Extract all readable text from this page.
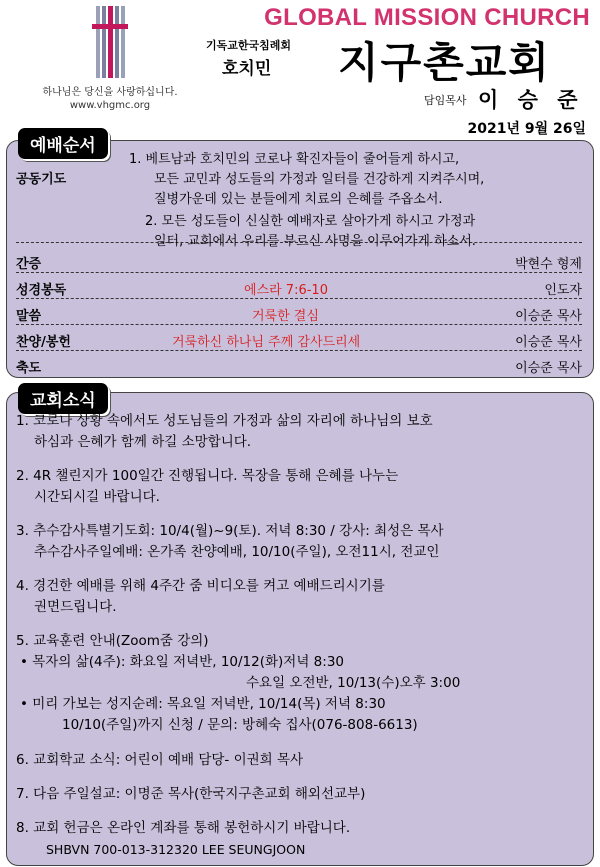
하나님은 당신을 사랑하십니다.
www.vhgmc.org
GLOBAL MISSION CHURCH
기독교한국침례회
호치민 지구촌교회
담임목사 이 승 준
2021년 9월 26일
예배순서
공동기도
1. 베트남과 호치민의 코로나 확진자들이 줄어들게 하시고,
모든 교민과 성도들의 가정과 일터를 건강하게 지켜주시며,
질병가운데 있는 분들에게 치료의 은혜를 주옵소서.
2. 모든 성도들이 신실한 예배자로 살아가게 하시고 가정과
일터, 교회에서 우리를 부르신 사명을 이루어가게 하소서.
간증	박현수 형제
성경봉독	에스라 7:6-10	인도자
말씀	거룩한 결심	이승준 목사
찬양/봉헌	거룩하신 하나님 주께 감사드리세	이승준 목사
축도	이승준 목사
교회소식
1. 코로나 상황 속에서도 성도님들의 가정과 삶의 자리에 하나님의 보호
하심과 은혜가 함께 하길 소망합니다.
2. 4R 챌린지가 100일간 진행됩니다. 목장을 통해 은혜를 나누는
시간되시길 바랍니다.
3. 추수감사특별기도회: 10/4(월)~9(토). 저녁 8:30 / 강사: 최성은 목사
추수감사주일예배: 온가족 찬양예배, 10/10(주일), 오전11시, 전교인
4. 경건한 예배를 위해 4주간 줌 비디오를 켜고 예배드리시기를
권면드립니다.
5. 교육훈련 안내(Zoom줌 강의)
• 목자의 삶(4주): 화요일 저녁반, 10/12(화)저녁 8:30
수요일 오전반, 10/13(수)오후 3:00
• 미리 가보는 성지순례: 목요일 저녁반, 10/14(목) 저녁 8:30
10/10(주일)까지 신청 / 문의: 방혜숙 집사(076-808-6613)
6. 교회학교 소식: 어린이 예배 담당- 이권희 목사
7. 다음 주일설교: 이명준 목사(한국지구촌교회 해외선교부)
8. 교회 헌금은 온라인 계좌를 통해 봉헌하시기 바랍니다.
SHBVN 700-013-312320 LEE SEUNGJOON
